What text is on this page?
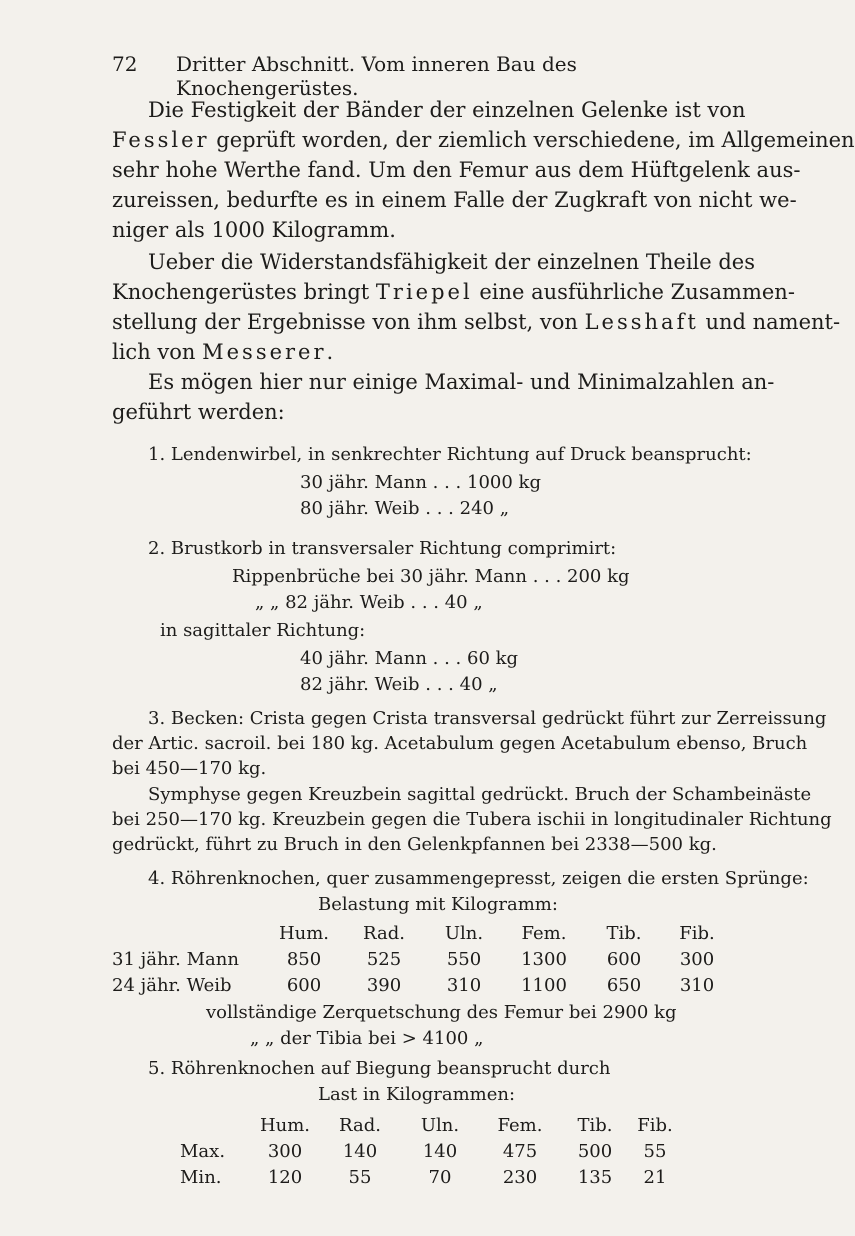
72 Dritter Abschnitt. Vom inneren Bau des Knochengerüstes.

Die Festigkeit der Bänder der einzelnen Gelenke ist von

Fessler geprüft worden, der ziemlich verschiedene, im Allgemeinen

sehr hohe Werthe fand. Um den Femur aus dem Hüftgelenk aus-

zureissen, bedurfte es in einem Falle der Zugkraft von nicht we-

niger als 1000 Kilogramm.

Ueber die Widerstandsfähigkeit der einzelnen Theile des

Knochengerüstes bringt Triepel eine ausführliche Zusammen-

stellung der Ergebnisse von ihm selbst, von Lesshaft und nament-

lich von Messerer.

Es mögen hier nur einige Maximal- und Minimalzahlen an-

geführt werden:

1. Lendenwirbel, in senkrechter Richtung auf Druck beansprucht:

30 jähr. Mann . . . 1000 kg

80 jähr. Weib . . . 240 „

2. Brustkorb in transversaler Richtung comprimirt:

Rippenbrüche bei 30 jähr. Mann . . . 200 kg

„ „ 82 jähr. Weib . . . 40 „

in sagittaler Richtung:

40 jähr. Mann . . . 60 kg

82 jähr. Weib . . . 40 „

3. Becken: Crista gegen Crista transversal gedrückt führt zur Zerreissung

der Artic. sacroil. bei 180 kg. Acetabulum gegen Acetabulum ebenso, Bruch

bei 450—170 kg.

Symphyse gegen Kreuzbein sagittal gedrückt. Bruch der Schambeinäste

bei 250—170 kg. Kreuzbein gegen die Tubera ischii in longitudinaler Richtung

gedrückt, führt zu Bruch in den Gelenkpfannen bei 2338—500 kg.

4. Röhrenknochen, quer zusammengepresst, zeigen die ersten Sprünge:

Belastung mit Kilogramm:

	Hum.	Rad.	Uln.	Fem.	Tib.	Fib.
31 jähr. Mann	850	525	550	1300	600	300
24 jähr. Weib	600	390	310	1100	650	310

vollständige Zerquetschung des Femur bei 2900 kg

„ „ der Tibia bei > 4100 „

5. Röhrenknochen auf Biegung beansprucht durch

Last in Kilogrammen:

	Hum.	Rad.	Uln.	Fem.	Tib.	Fib.
Max.	300	140	140	475	500	55
Min.	120	55	70	230	135	21
